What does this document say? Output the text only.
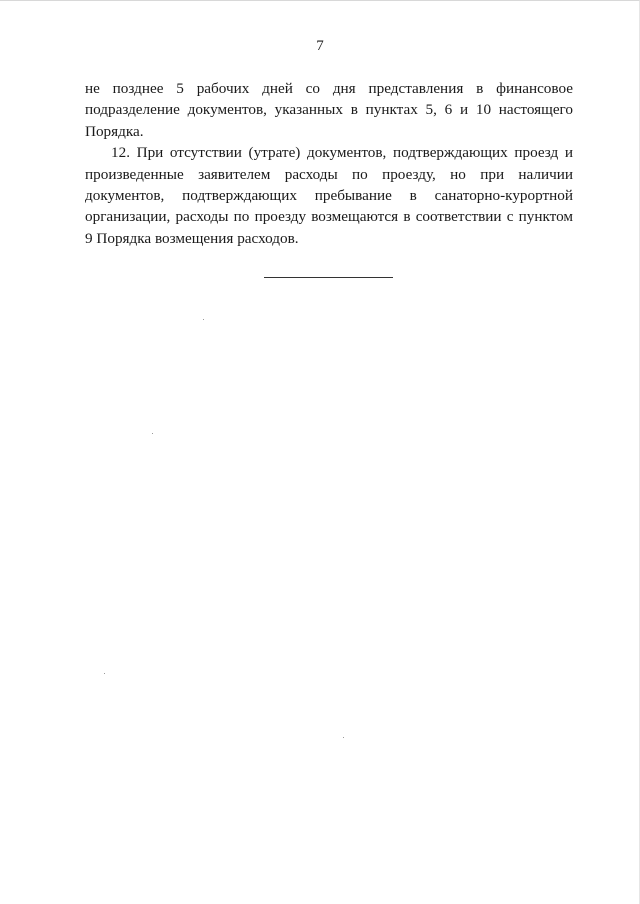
7

не позднее 5 рабочих дней со дня представления в финансовое подразделение документов, указанных в пунктах 5, 6 и 10 настоящего Порядка.

12. При отсутствии (утрате) документов, подтверждающих проезд и произведенные заявителем расходы по проезду, но при наличии документов, подтверждающих пребывание в санаторно-курортной организации, расходы по проезду возмещаются в соответствии с пунктом 9 Порядка возмещения расходов.
